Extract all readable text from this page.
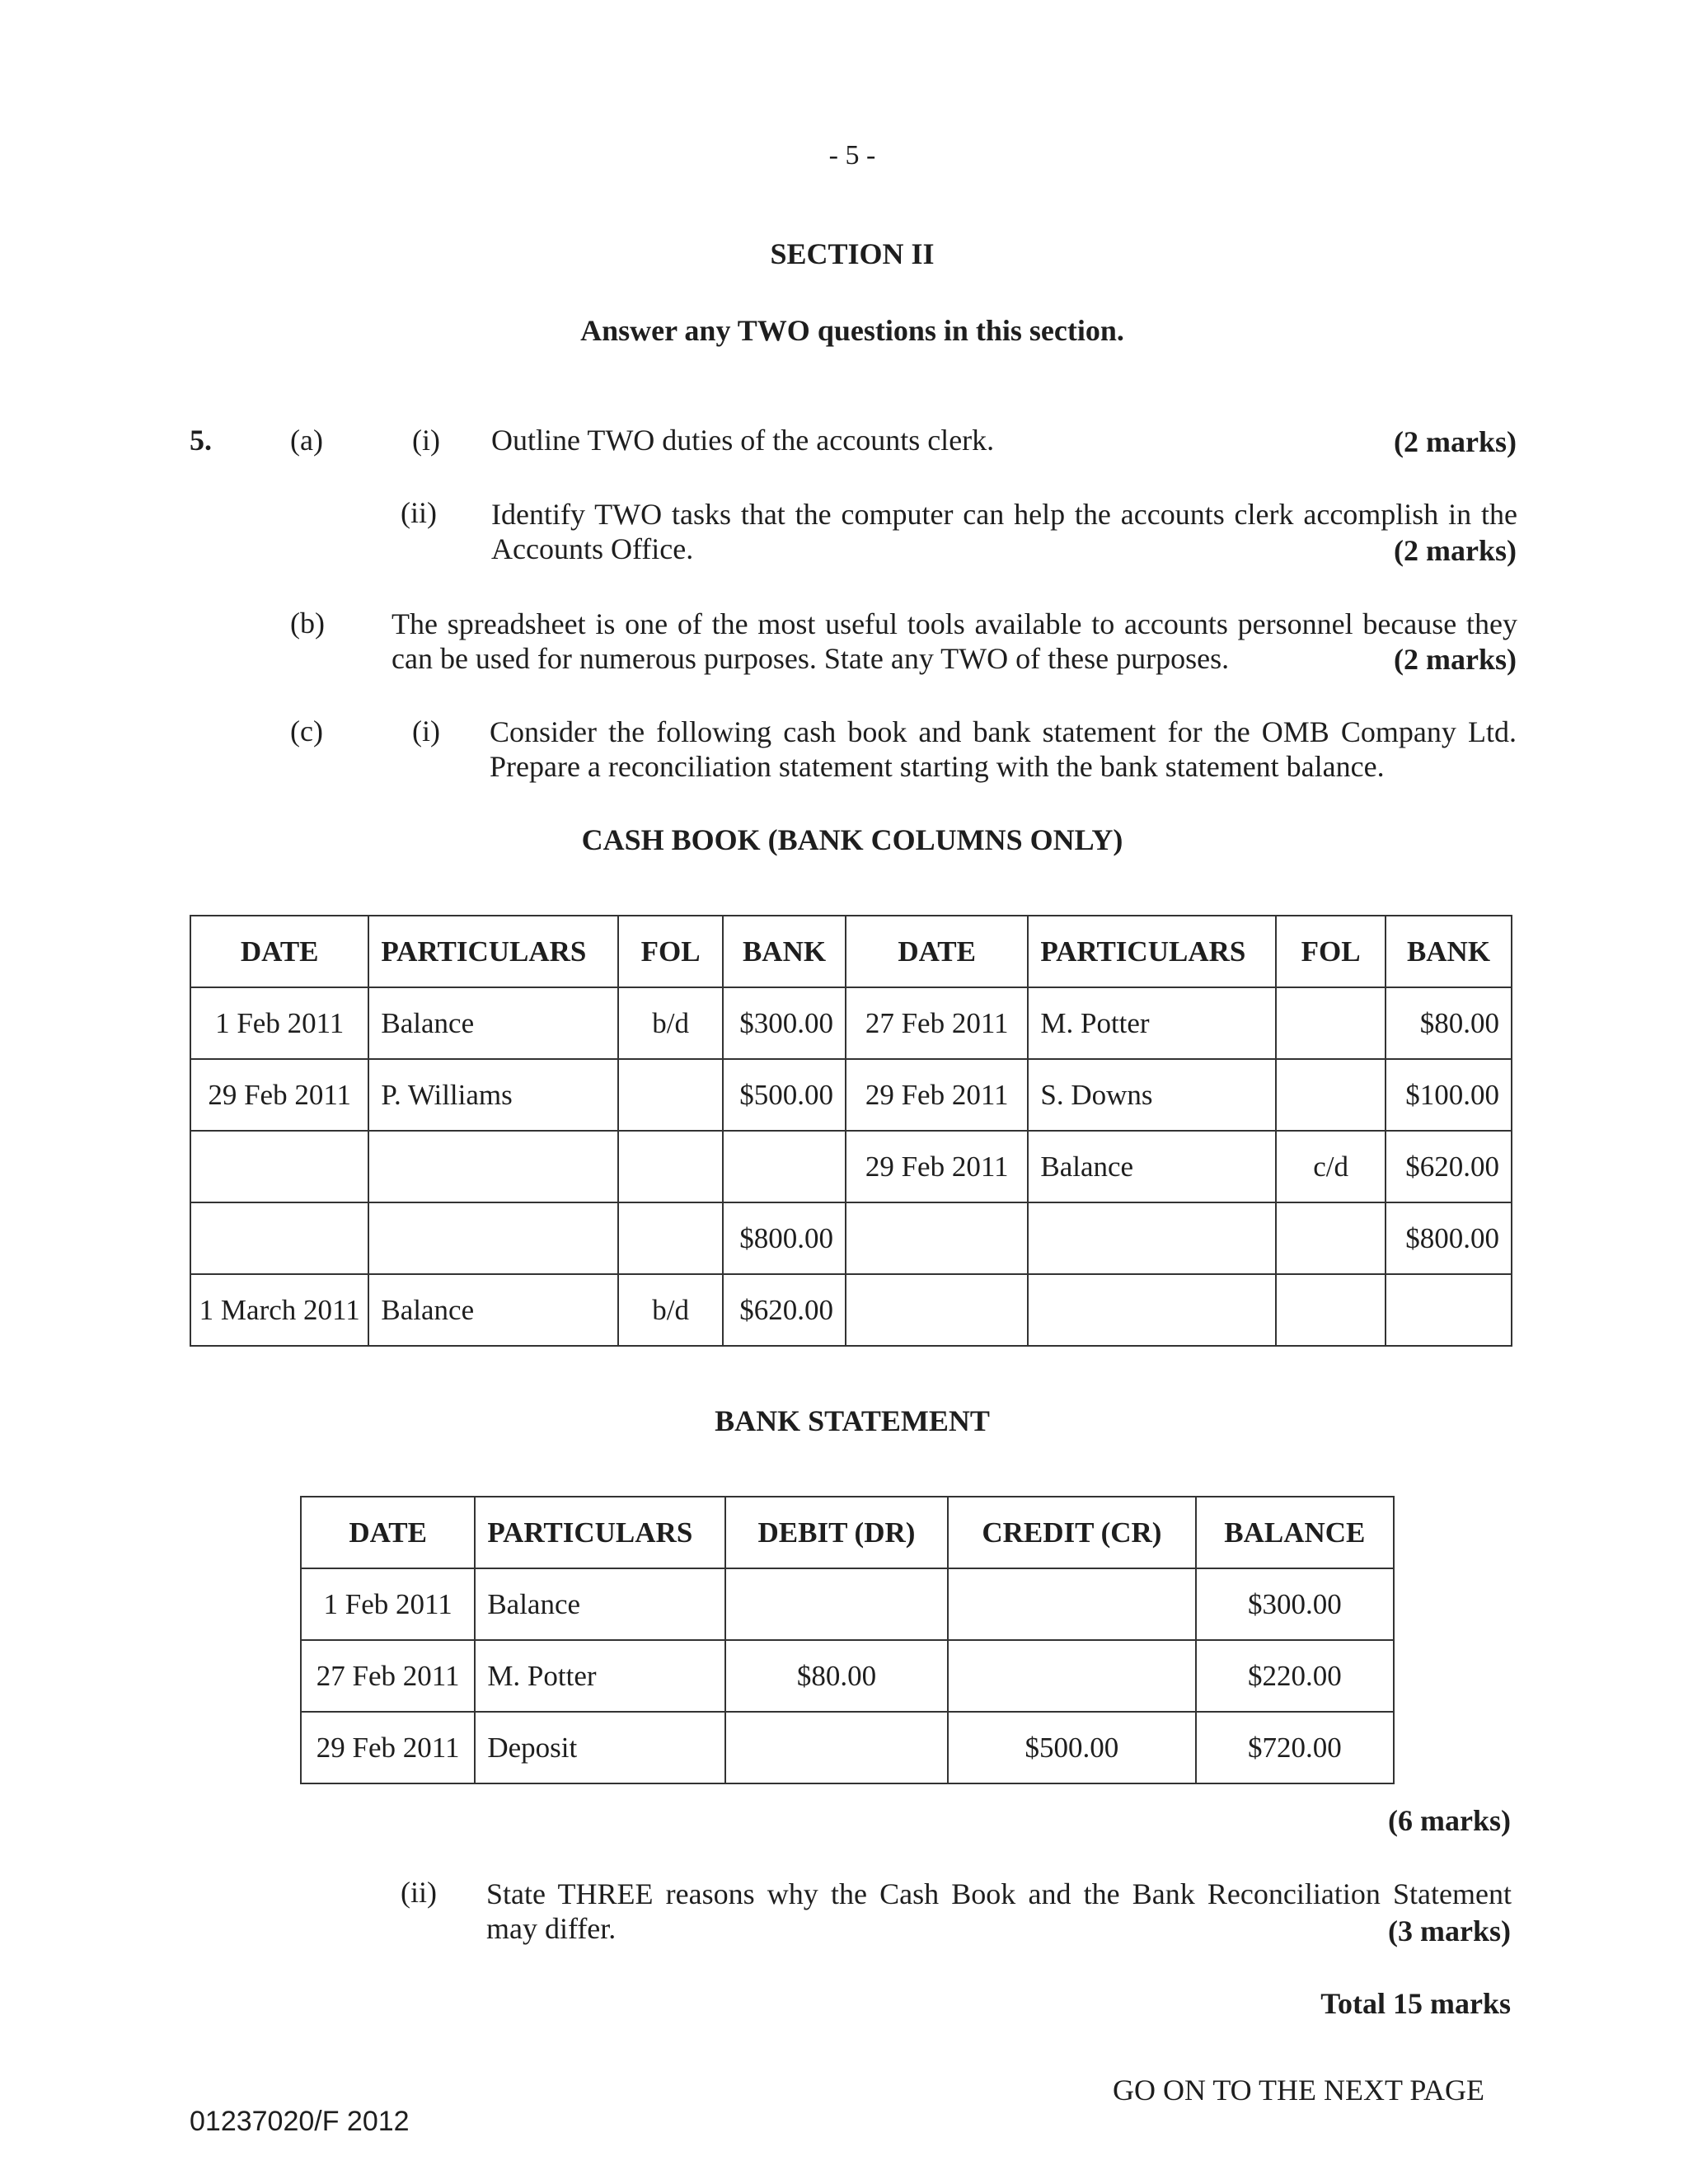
- 5 -
SECTION II
Answer any TWO questions in this section.
5.	(a)	(i) Outline TWO duties of the accounts clerk.	(2 marks)
(ii) Identify TWO tasks that the computer can help the accounts clerk accomplish in the
Accounts Office.	(2 marks)
(b) The spreadsheet is one of the most useful tools available to accounts personnel because they
can be used for numerous purposes. State any TWO of these purposes.	(2 marks)
(c)	(i) Consider the following cash book and bank statement for the OMB Company Ltd.
Prepare a reconciliation statement starting with the bank statement balance.
CASH BOOK (BANK COLUMNS ONLY)
DATE	PARTICULARS	FOL	BANK	DATE	PARTICULARS	FOL	BANK
1 Feb 2011	Balance	b/d	$300.00	27 Feb 2011	M. Potter		$80.00
29 Feb 2011	P. Williams		$500.00	29 Feb 2011	S. Downs		$100.00
				29 Feb 2011	Balance	c/d	$620.00
			$800.00				$800.00
1 March 2011	Balance	b/d	$620.00				
BANK STATEMENT
DATE	PARTICULARS	DEBIT (DR)	CREDIT (CR)	BALANCE
1 Feb 2011	Balance			$300.00
27 Feb 2011	M. Potter	$80.00		$220.00
29 Feb 2011	Deposit		$500.00	$720.00
(6 marks)
(ii) State THREE reasons why the Cash Book and the Bank Reconciliation Statement
may differ.	(3 marks)
Total 15 marks
GO ON TO THE NEXT PAGE
01237020/F 2012
